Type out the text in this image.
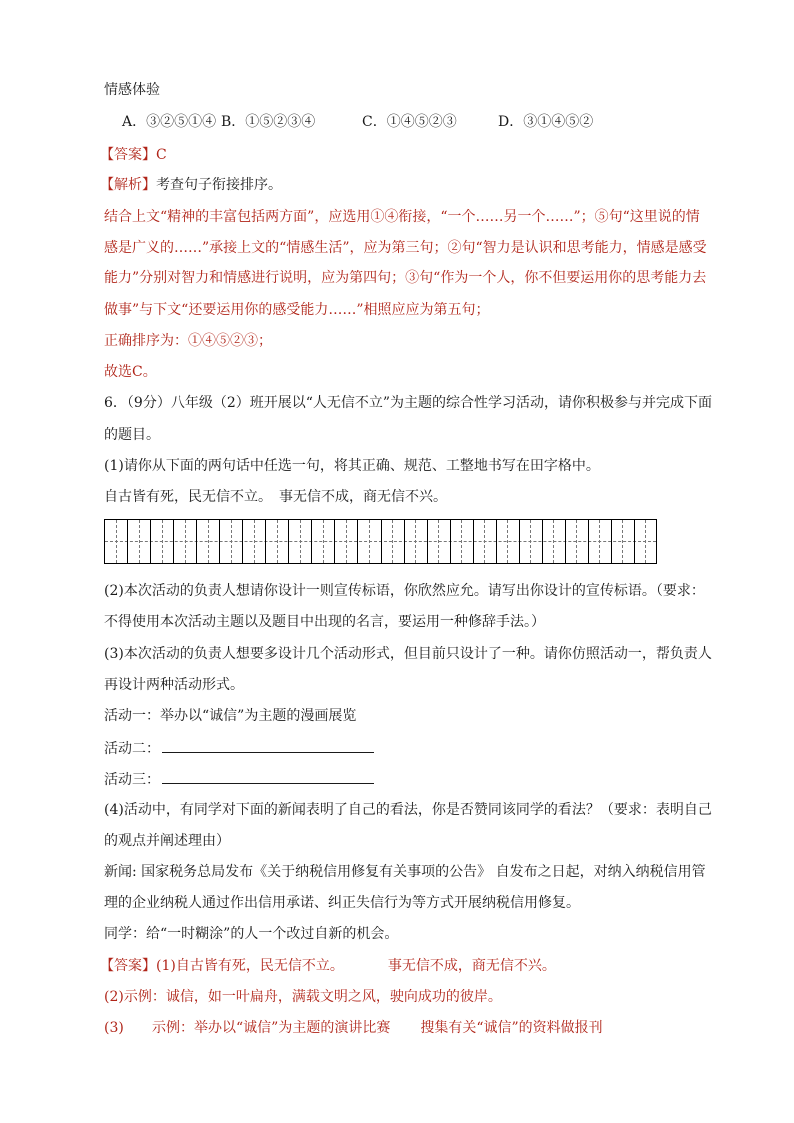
情感体验
A．③②⑤①④ B．①⑤②③④	C．①④⑤②③	D．③①④⑤②
【答案】C
【解析】考查句子衔接排序。
结合上文“精神的丰富包括两方面”，应选用①④衔接，“一个……另一个……”；⑤句“这里说的情
感是广义的……”承接上文的“情感生活”，应为第三句；②句“智力是认识和思考能力，情感是感受
能力”分别对智力和情感进行说明，应为第四句；③句“作为一个人，你不但要运用你的思考能力去
做事”与下文“还要运用你的感受能力……”相照应应为第五句；
正确排序为：①④⑤②③；
故选C。
6．（9分）八年级（2）班开展以“人无信不立”为主题的综合性学习活动，请你积极参与并完成下面
的题目。
(1)请你从下面的两句话中任选一句，将其正确、规范、工整地书写在田字格中。
自古皆有死，民无信不立。　事无信不成，商无信不兴。
(2)本次活动的负责人想请你设计一则宣传标语，你欣然应允。请写出你设计的宣传标语。（要求：
不得使用本次活动主题以及题目中出现的名言，要运用一种修辞手法。）
(3)本次活动的负责人想要多设计几个活动形式，但目前只设计了一种。请你仿照活动一，帮负责人
再设计两种活动形式。
活动一：举办以“诚信”为主题的漫画展览
活动二：
活动三：
(4)活动中，有同学对下面的新闻表明了自己的看法，你是否赞同该同学的看法？（要求：表明自己
的观点并阐述理由）
新闻: 国家税务总局发布《关于纳税信用修复有关事项的公告》 自发布之日起，对纳入纳税信用管
理的企业纳税人通过作出信用承诺、纠正失信行为等方式开展纳税信用修复。
同学：给“一时糊涂”的人一个改过自新的机会。
【答案】(1)自古皆有死，民无信不立。	事无信不成，商无信不兴。
(2)示例：诚信，如一叶扁舟，满载文明之风，驶向成功的彼岸。
(3) 示例：举办以“诚信”为主题的演讲比赛 搜集有关“诚信”的资料做报刊
